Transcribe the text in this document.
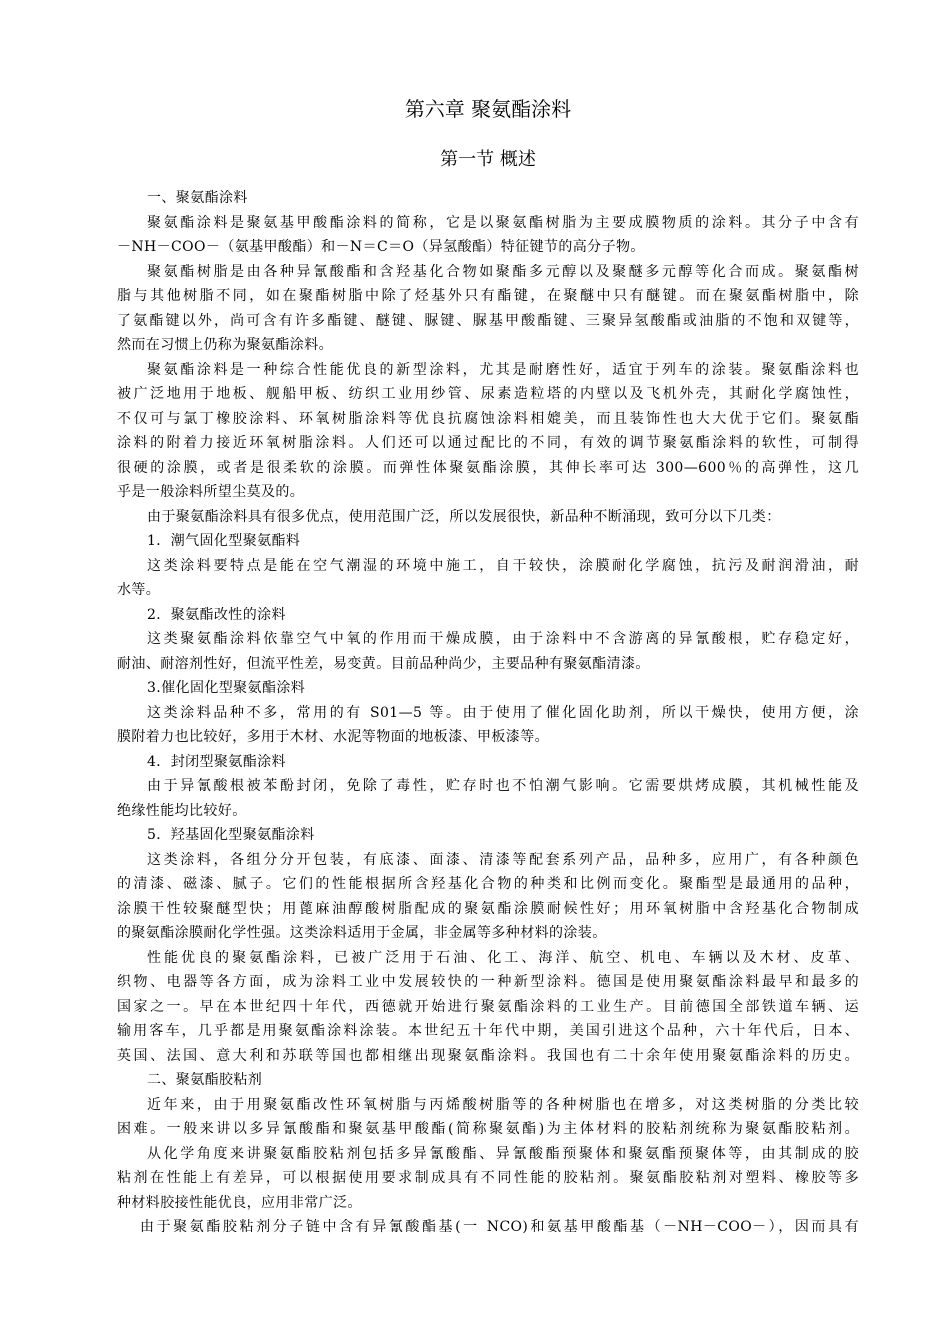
第六章 聚氨酯涂料
第一节 概述
一、聚氨酯涂料
聚氨酯涂料是聚氨基甲酸酯涂料的简称，它是以聚氨酯树脂为主要成膜物质的涂料。其分子中含有
－NH－COO－（氨基甲酸酯）和－N＝C＝O（异氢酸酯）特征键节的高分子物。
聚氨酯树脂是由各种异氰酸酯和含羟基化合物如聚酯多元醇以及聚醚多元醇等化合而成。聚氨酯树
脂与其他树脂不同，如在聚酯树脂中除了烃基外只有酯键，在聚醚中只有醚键。而在聚氨酯树脂中，除
了氨酯键以外，尚可含有许多酯键、醚键、脲键、脲基甲酸酯键、三聚异氢酸酯或油脂的不饱和双键等，
然而在习惯上仍称为聚氨酯涂料。
聚氨酯涂料是一种综合性能优良的新型涂料，尤其是耐磨性好，适宜于列车的涂装。聚氨酯涂料也
被广泛地用于地板、舰船甲板、纺织工业用纱管、尿素造粒塔的内壁以及飞机外壳，其耐化学腐蚀性，
不仅可与氯丁橡胶涂料、环氧树脂涂料等优良抗腐蚀涂料相媲美，而且装饰性也大大优于它们。聚氨酯
涂料的附着力接近环氧树脂涂料。人们还可以通过配比的不同，有效的调节聚氨酯涂料的软性，可制得
很硬的涂膜，或者是很柔软的涂膜。而弹性体聚氨酯涂膜，其伸长率可达 300—600％的高弹性，这几
乎是一般涂料所望尘莫及的。
由于聚氨酯涂料具有很多优点，使用范围广泛，所以发展很快，新品种不断涌现，致可分以下几类：
1．潮气固化型聚氨酯料
这类涂料要特点是能在空气潮湿的环境中施工，自干较快，涂膜耐化学腐蚀，抗污及耐润滑油，耐
水等。
2．聚氨酯改性的涂料
这类聚氨酯涂料依靠空气中氧的作用而干燥成膜，由于涂料中不含游离的异氰酸根，贮存稳定好，
耐油、耐溶剂性好，但流平性差，易变黄。目前品种尚少，主要品种有聚氨酯清漆。
3.催化固化型聚氨酯涂料
这类涂料品种不多，常用的有 S01—5 等。由于使用了催化固化助剂，所以干燥快，使用方便，涂
膜附着力也比较好，多用于木材、水泥等物面的地板漆、甲板漆等。
4．封闭型聚氨酯涂料
由于异氰酸根被苯酚封闭，免除了毒性，贮存时也不怕潮气影响。它需要烘烤成膜，其机械性能及
绝缘性能均比较好。
5．羟基固化型聚氨酯涂料
这类涂料，各组分分开包装，有底漆、面漆、清漆等配套系列产品，品种多，应用广，有各种颜色
的清漆、磁漆、腻子。它们的性能根据所含羟基化合物的种类和比例而变化。聚酯型是最通用的品种，
涂膜干性较聚醚型快；用蓖麻油醇酸树脂配成的聚氨酯涂膜耐候性好；用环氧树脂中含羟基化合物制成
的聚氨酯涂膜耐化学性强。这类涂料适用于金属，非金属等多种材料的涂装。
性能优良的聚氨酯涂料，已被广泛用于石油、化工、海洋、航空、机电、车辆以及木材、皮革、
织物、电器等各方面，成为涂料工业中发展较快的一种新型涂料。德国是使用聚氨酯涂料最早和最多的
国家之一。早在本世纪四十年代，西德就开始进行聚氨酯涂料的工业生产。目前德国全部铁道车辆、运
输用客车，几乎都是用聚氨酯涂料涂装。本世纪五十年代中期，美国引进这个品种，六十年代后，日本、
英国、法国、意大利和苏联等国也都相继出现聚氨酯涂料。我国也有二十余年使用聚氨酯涂料的历史。
二、聚氨酯胶粘剂
近年来，由于用聚氨酯改性环氧树脂与丙烯酸树脂等的各种树脂也在增多，对这类树脂的分类比较
困难。一般来讲以多异氰酸酯和聚氨基甲酸酯(简称聚氨酯)为主体材料的胶粘剂统称为聚氨酯胶粘剂。
从化学角度来讲聚氨酯胶粘剂包括多异氰酸酯、异氰酸酯预聚体和聚氨酯预聚体等，由其制成的胶
粘剂在性能上有差异，可以根据使用要求制成具有不同性能的胶粘剂。聚氨酯胶粘剂对塑料、橡胶等多
种材料胶接性能优良，应用非常广泛。
由于聚氨酯胶粘剂分子链中含有异氰酸酯基(一 NCO)和氨基甲酸酯基（－NH－COO－），因而具有
